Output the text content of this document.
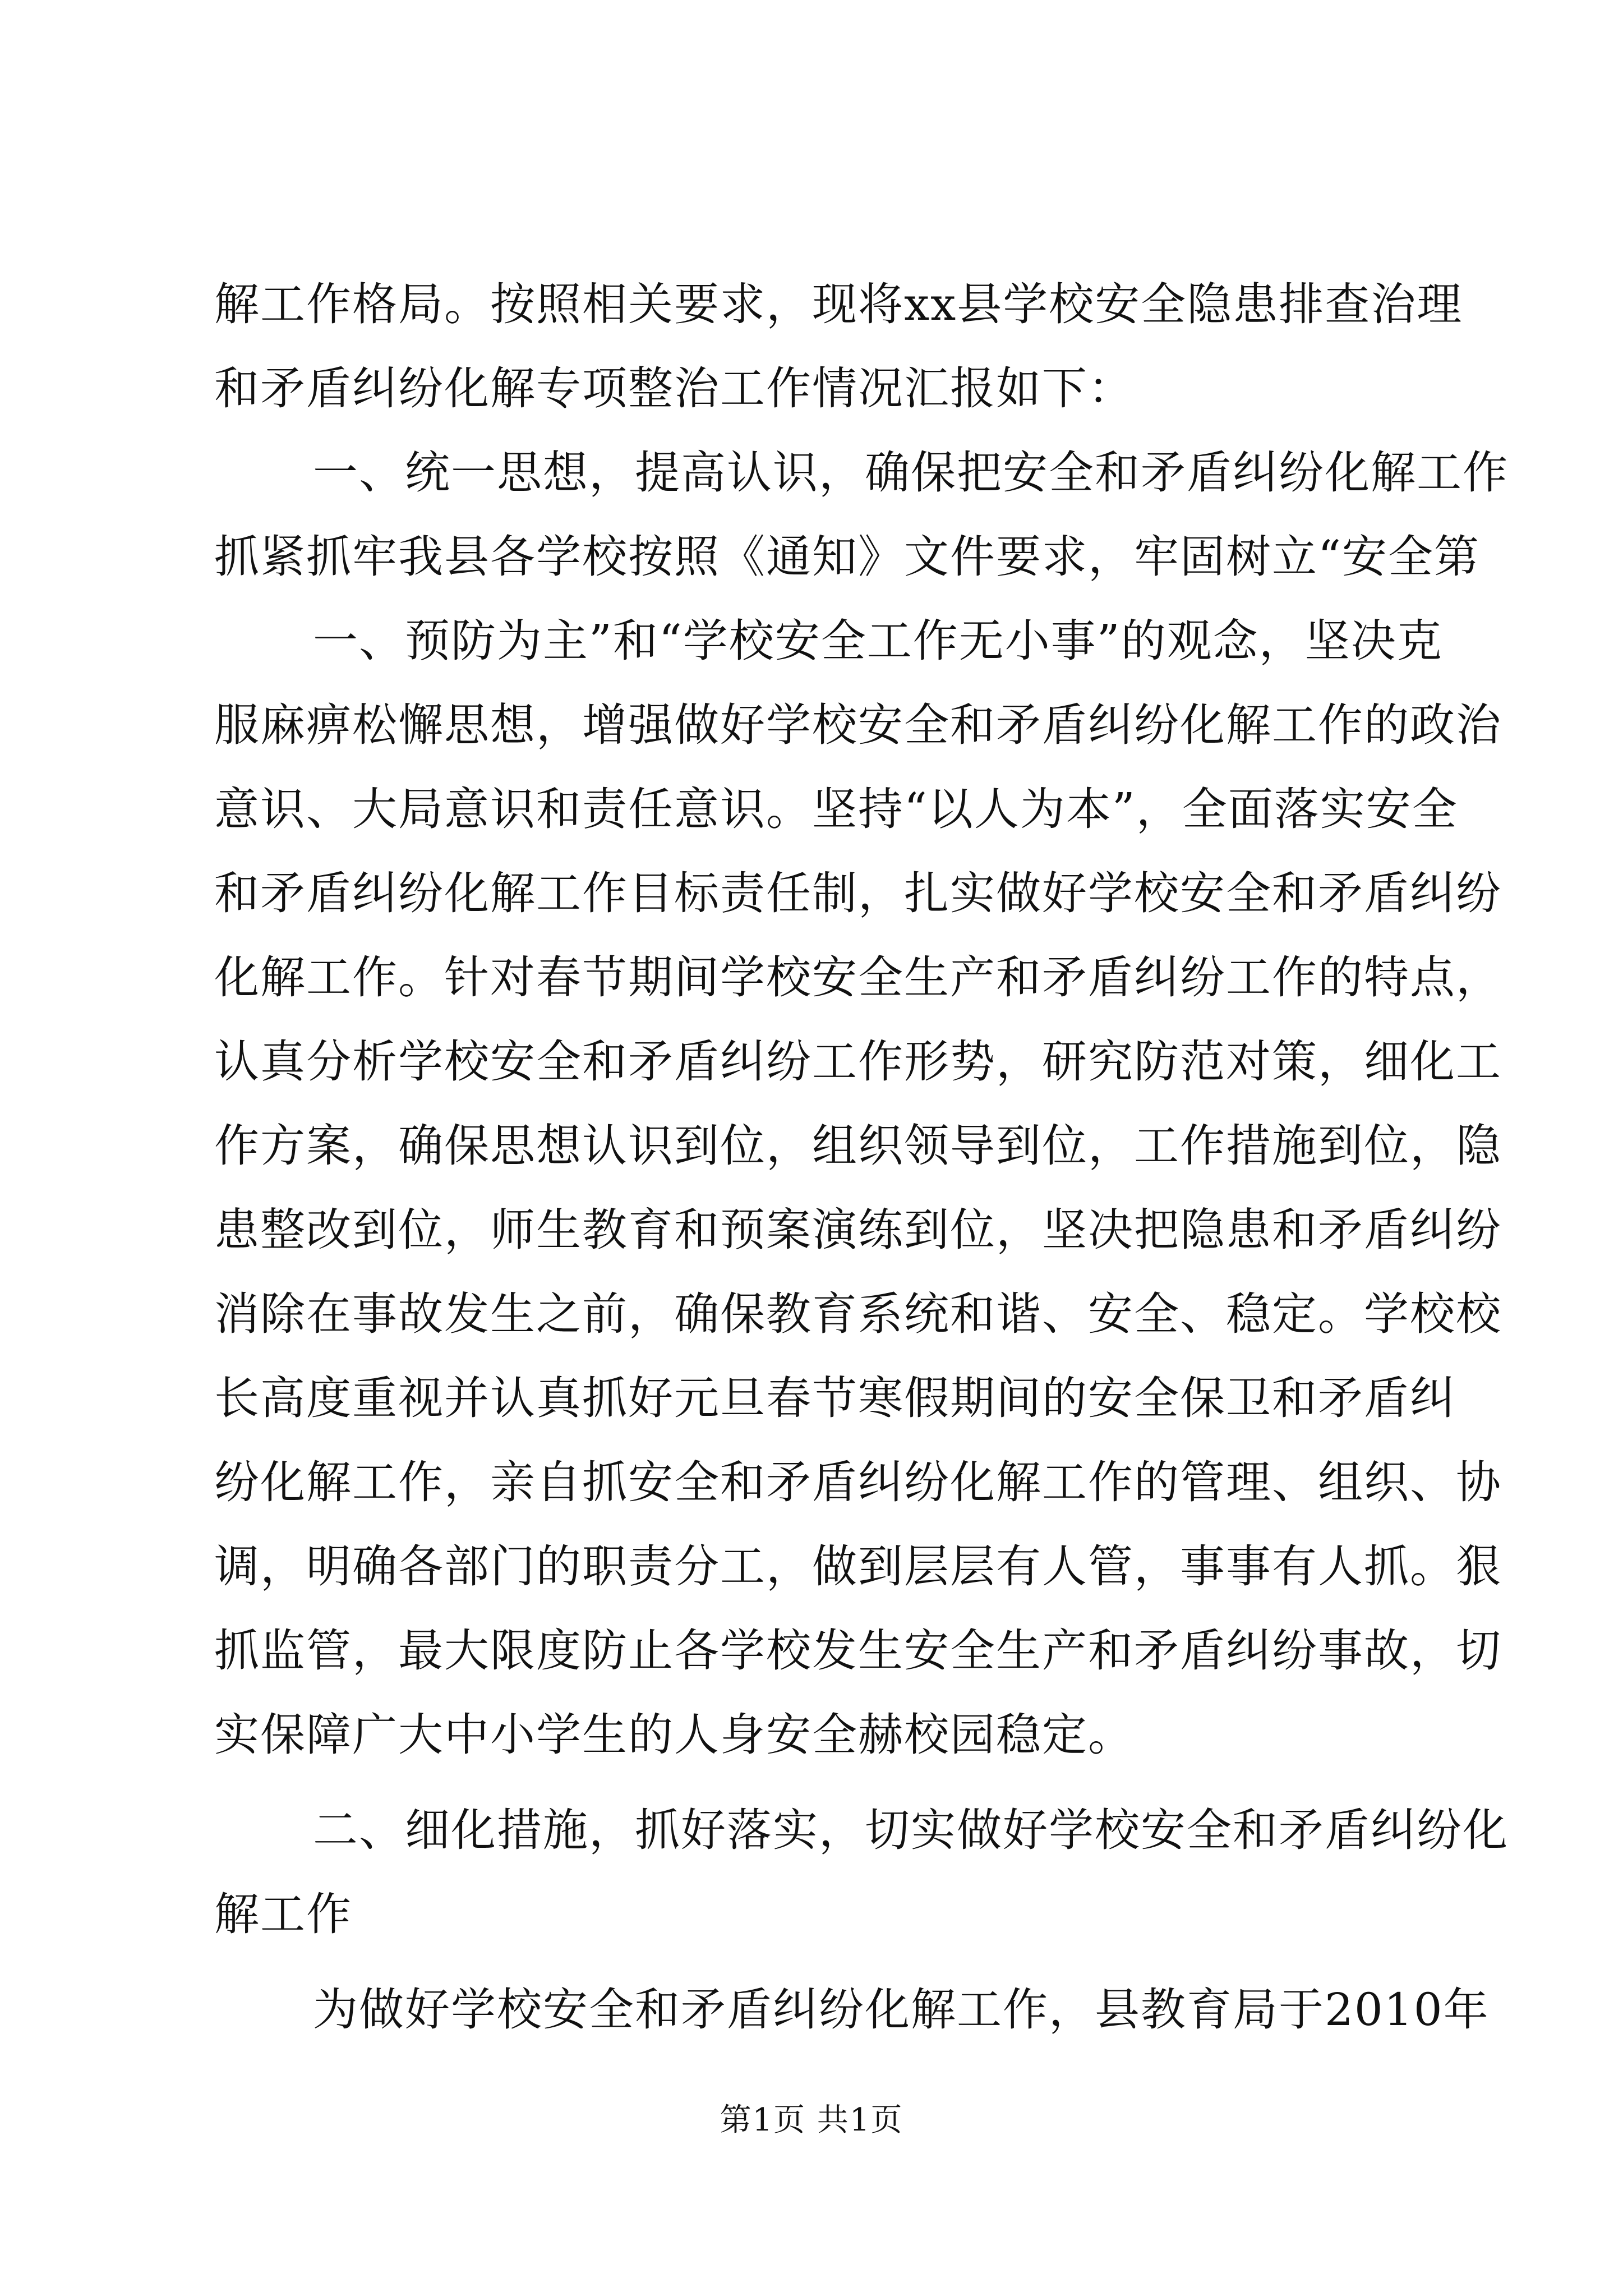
解工作格局。按照相关要求，现将xx县学校安全隐患排查治理
和矛盾纠纷化解专项整治工作情况汇报如下：
一、统一思想，提高认识，确保把安全和矛盾纠纷化解工作
抓紧抓牢我县各学校按照《通知》文件要求，牢固树立“安全第
一、预防为主”和“学校安全工作无小事”的观念，坚决克
服麻痹松懈思想，增强做好学校安全和矛盾纠纷化解工作的政治
意识、大局意识和责任意识。坚持“以人为本”，全面落实安全
和矛盾纠纷化解工作目标责任制，扎实做好学校安全和矛盾纠纷
化解工作。针对春节期间学校安全生产和矛盾纠纷工作的特点，
认真分析学校安全和矛盾纠纷工作形势，研究防范对策，细化工
作方案，确保思想认识到位，组织领导到位，工作措施到位，隐
患整改到位，师生教育和预案演练到位，坚决把隐患和矛盾纠纷
消除在事故发生之前，确保教育系统和谐、安全、稳定。学校校
长高度重视并认真抓好元旦春节寒假期间的安全保卫和矛盾纠
纷化解工作，亲自抓安全和矛盾纠纷化解工作的管理、组织、协
调，明确各部门的职责分工，做到层层有人管，事事有人抓。狠
抓监管，最大限度防止各学校发生安全生产和矛盾纠纷事故，切
实保障广大中小学生的人身安全赫校园稳定。
二、细化措施，抓好落实，切实做好学校安全和矛盾纠纷化
解工作
为做好学校安全和矛盾纠纷化解工作，县教育局于2010年
第1页 共1页
